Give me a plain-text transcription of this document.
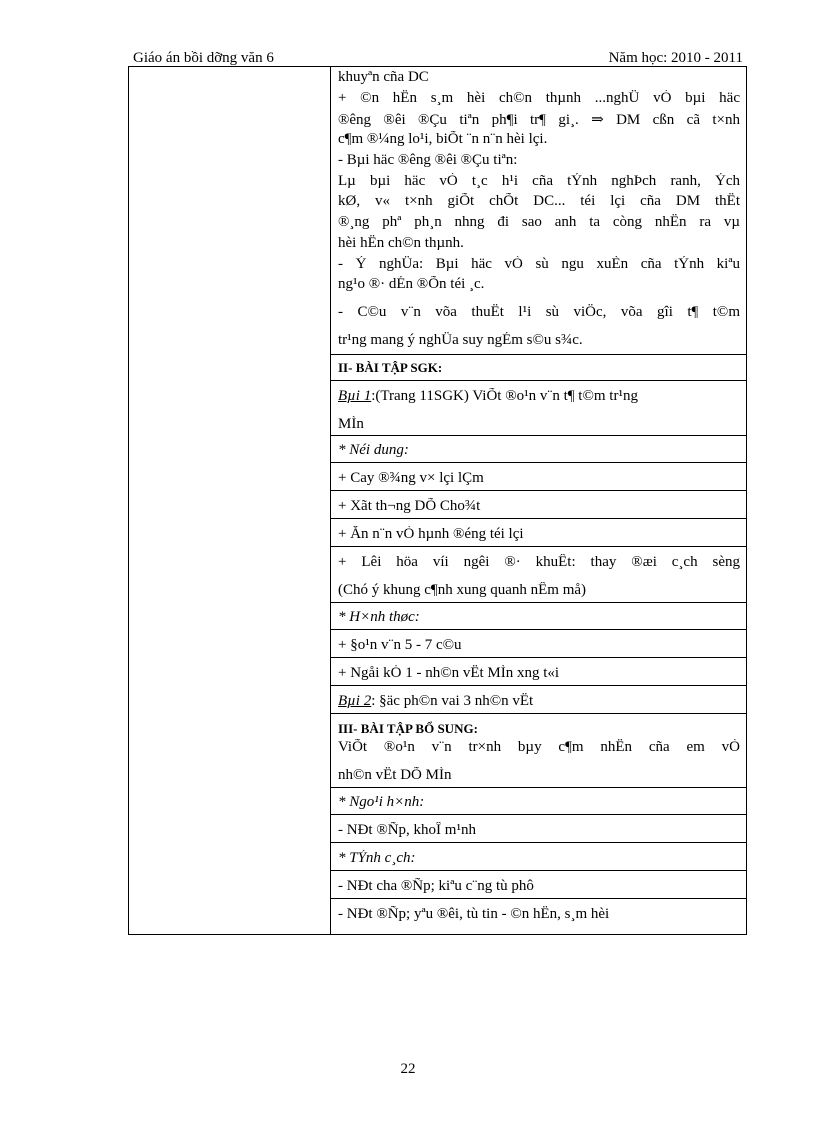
Giáo án bồi dỡng văn 6	Năm học: 2010 - 2011
khuyªn cña DC
+ ©n hËn s¸m hèi ch©n thµnh ...nghÜ vÒ bµi häc
®êng ®êi ®Çu tiªn ph¶i tr¶ gi¸. ⇒ DM cßn cã t×nh
c¶m ®¼ng lo¹i, biÕt ¨n n¨n hèi lçi.
- Bµi häc ®êng ®êi ®Çu tiªn:
Lµ bµi häc vÒ t¸c h¹i cña tÝnh nghÞch ranh, Ých
kØ, v« t×nh giÕt chÕt DC... téi lçi cña DM thËt
®¸ng phª ph¸n nhng đi sao anh ta còng nhËn ra vµ
hèi hËn ch©n thµnh.
- Ý nghÜa: Bµi häc vÒ sù ngu xuÈn cña tÝnh kiªu
ng¹o ®· dÉn ®Õn téi ¸c.
- C©u v¨n võa thuËt l¹i sù viÖc, võa gîi t¶ t©m
tr¹ng mang ý nghÜa suy ngÉm s©u s¾c.
II- BÀI TẬP SGK:
Bµi 1:(Trang 11SGK) ViÕt ®o¹n v¨n t¶ t©m tr¹ng
MÌn
* Néi dung:
+ Cay ®¾ng v× lçi lÇm
+ Xãt th¬ng DÕ Cho¾t
+ Ăn n¨n vÒ hµnh ®éng téi lçi
+ Lêi höa víi ngêi ®· khuÊt: thay ®æi c¸ch sèng
(Chó ý khung c¶nh xung quanh nÊm må)
* H×nh thøc:
+ §o¹n v¨n 5 - 7 c©u
+ Ngåi kÓ 1 - nh©n vËt MÌn xng t«i
Bµi 2: §äc ph©n vai 3 nh©n vËt
III- BÀI TẬP BỔ SUNG:
ViÕt ®o¹n v¨n tr×nh bµy c¶m nhËn cña em vÒ
nh©n vËt DÕ MÌn
* Ngo¹i h×nh:
- NÐt ®Ñp, khoÎ m¹nh
* TÝnh c¸ch:
- NÐt cha ®Ñp; kiªu c¨ng tù phô
- NÐt ®Ñp; yªu ®êi, tù tin - ©n hËn, s¸m hèi
22
